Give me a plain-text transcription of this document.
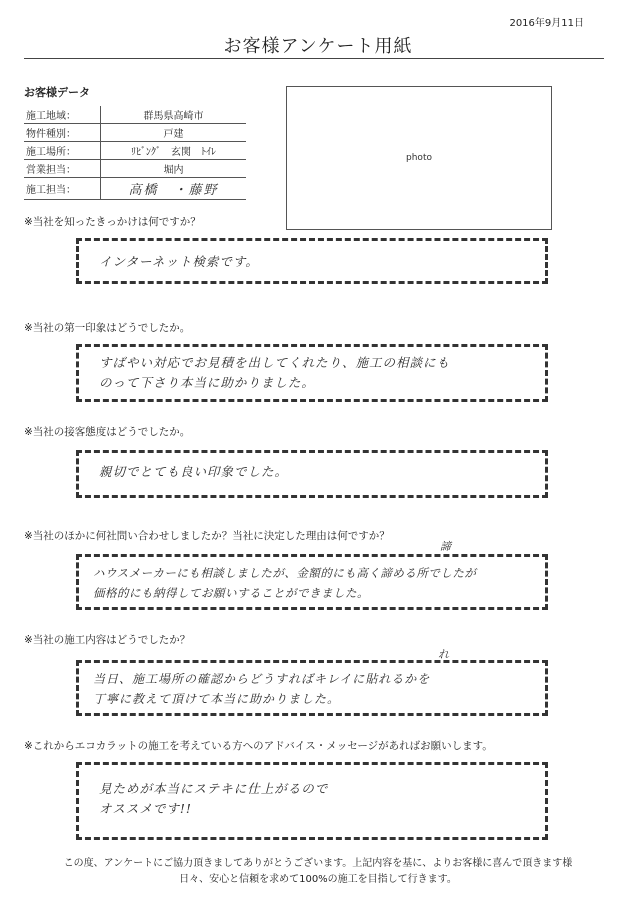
2016年9月11日
お客様アンケート用紙
お客様データ
施工地域：	群馬県高崎市
物件種別：	戸建
施工場所：	ﾘﾋﾞﾝｸﾞ　玄関　ﾄｲﾚ
営業担当：	堀内
施工担当：	高橋　・藤野
photo
※当社を知ったきっかけは何ですか？
インターネット検索です。
※当社の第一印象はどうでしたか。
すばやい対応でお見積を出してくれたり、施工の相談にも
のって下さり本当に助かりました。
※当社の接客態度はどうでしたか。
親切でとても良い印象でした。
※当社のほかに何社問い合わせしましたか？当社に決定した理由は何ですか？
諦
ハウスメーカーにも相談しましたが、金額的にも高く諦める所でしたが
価格的にも納得してお願いすることができました。
※当社の施工内容はどうでしたか？
れ
当日、施工場所の確認からどうすればキレイに貼れるかを
丁寧に教えて頂けて本当に助かりました。
※これからエコカラットの施工を考えている方へのアドバイス・メッセージがあればお願いします。
見ためが本当にステキに仕上がるので
オススメです!!
この度、アンケートにご協力頂きましてありがとうございます。上記内容を基に、よりお客様に喜んで頂きます様
日々、安心と信頼を求めて100%の施工を目指して行きます。
